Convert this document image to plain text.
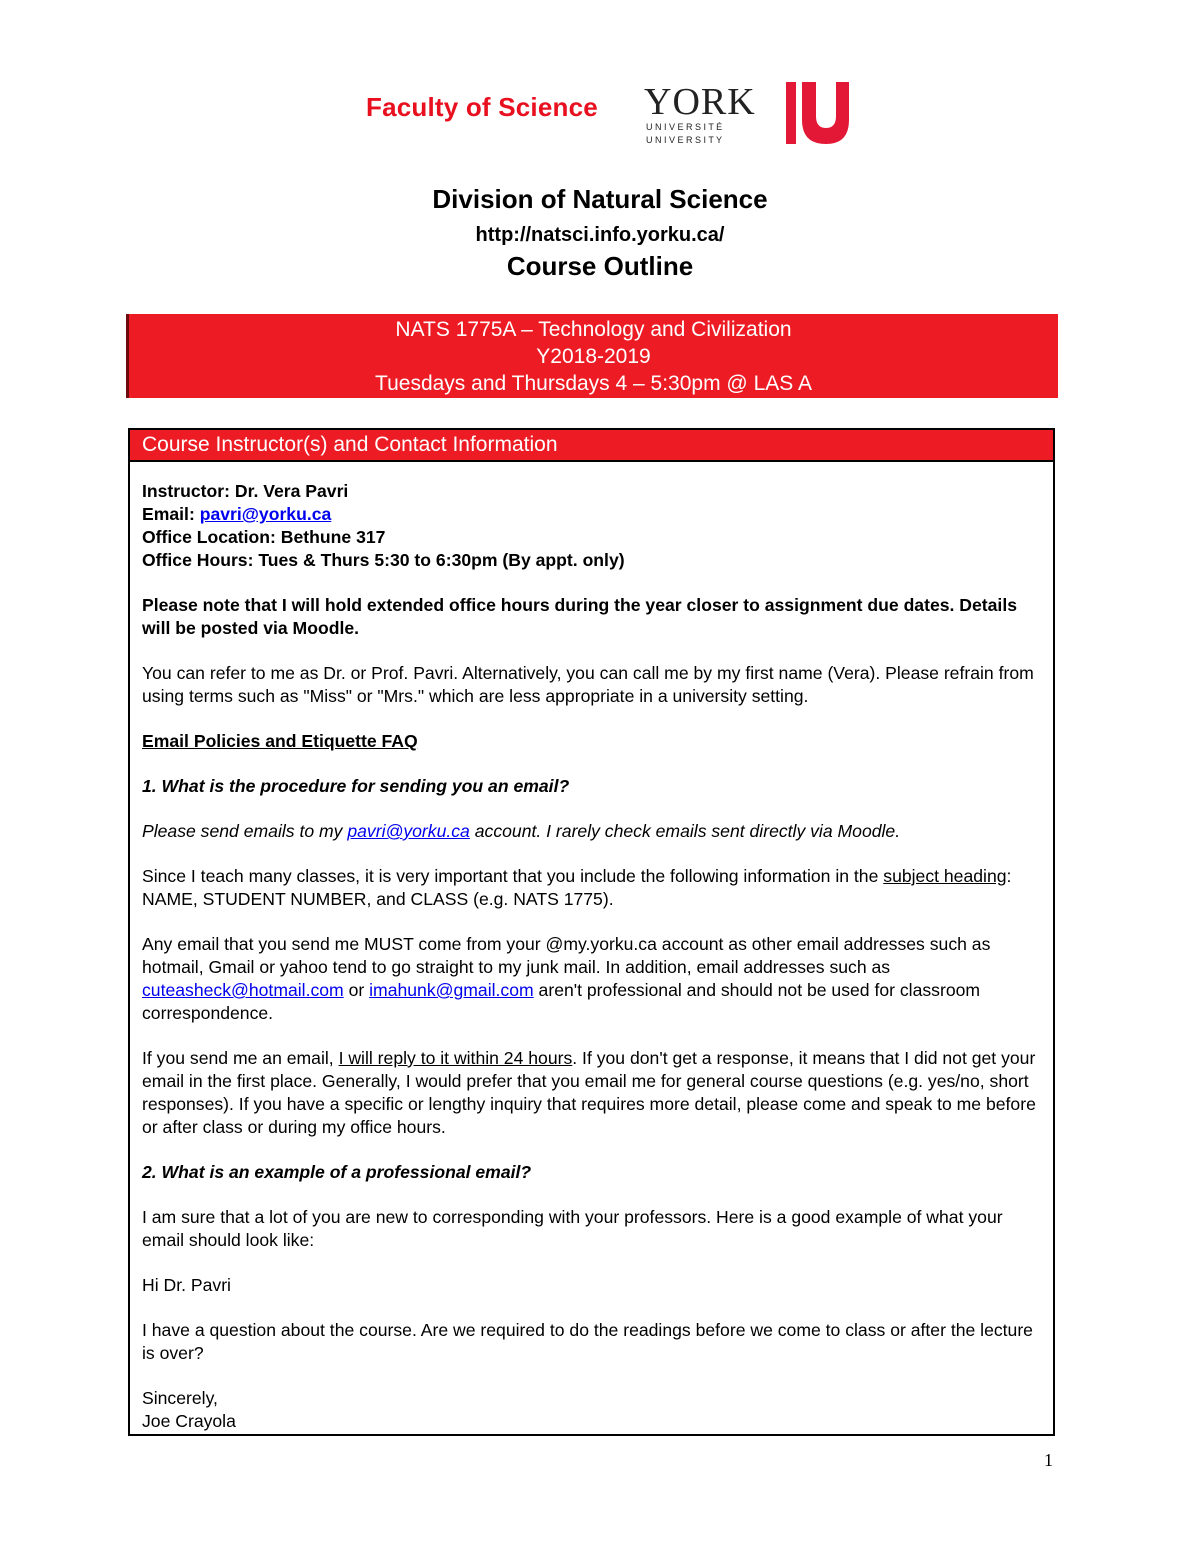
Faculty of Science YORK
U N I V E R S I T É
U N I V E R S I T Y
Division of Natural Science
http://natsci.info.yorku.ca/
Course Outline
NATS 1775A – Technology and Civilization
Y2018-2019
Tuesdays and Thursdays 4 – 5:30pm @ LAS A
Course Instructor(s) and Contact Information

Instructor: Dr. Vera Pavri

Email: pavri@yorku.ca

Office Location: Bethune 317

Office Hours: Tues & Thurs 5:30 to 6:30pm (By appt. only)

Please note that I will hold extended office hours during the year closer to assignment due dates. Details will be posted via Moodle.

You can refer to me as Dr. or Prof. Pavri. Alternatively, you can call me by my first name (Vera). Please refrain from using terms such as "Miss" or "Mrs." which are less appropriate in a university setting.

Email Policies and Etiquette FAQ

1. What is the procedure for sending you an email?

Please send emails to my pavri@yorku.ca account. I rarely check emails sent directly via Moodle.

Since I teach many classes, it is very important that you include the following information in the subject heading: NAME, STUDENT NUMBER, and CLASS (e.g. NATS 1775).

Any email that you send me MUST come from your @my.yorku.ca account as other email addresses such as hotmail, Gmail or yahoo tend to go straight to my junk mail. In addition, email addresses such as cuteasheck@hotmail.com or imahunk@gmail.com aren't professional and should not be used for classroom correspondence.

If you send me an email, I will reply to it within 24 hours. If you don't get a response, it means that I did not get your email in the first place. Generally, I would prefer that you email me for general course questions (e.g. yes/no, short responses). If you have a specific or lengthy inquiry that requires more detail, please come and speak to me before or after class or during my office hours.

2. What is an example of a professional email?

I am sure that a lot of you are new to corresponding with your professors. Here is a good example of what your email should look like:

Hi Dr. Pavri

I have a question about the course. Are we required to do the readings before we come to class or after the lecture is over?

Sincerely,

Joe Crayola

1
